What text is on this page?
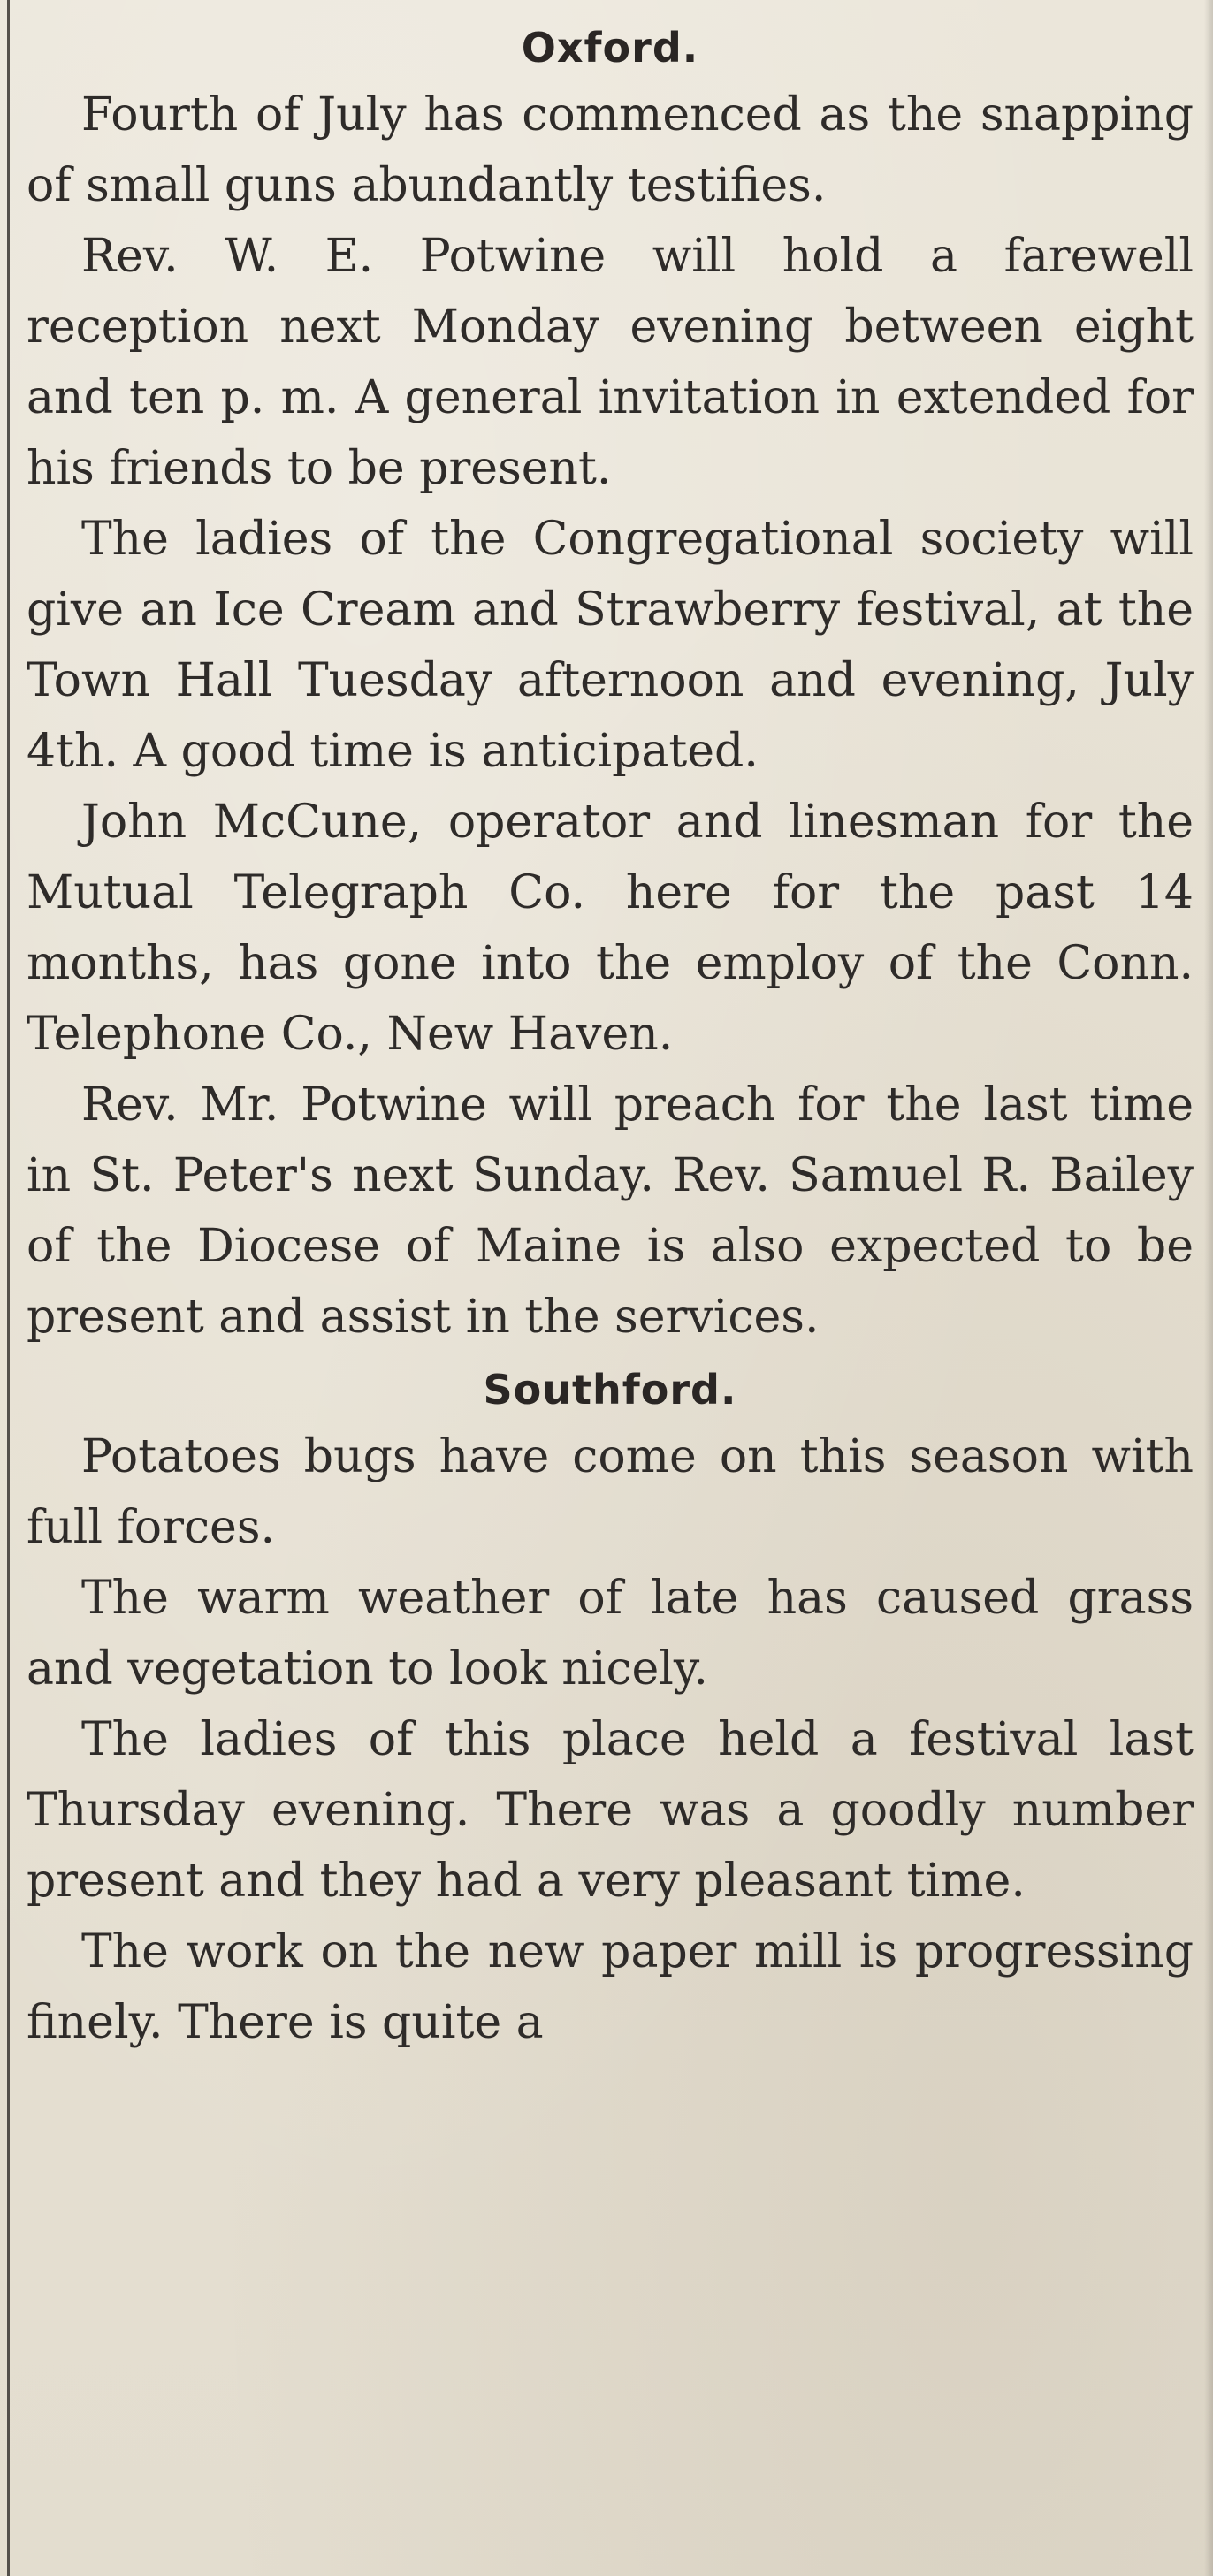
Oxford.

Fourth of July has commenced as the snapping of small guns abundantly testifies.

Rev. W. E. Potwine will hold a farewell reception next Monday evening between eight and ten p. m. A general invitation in extended for his friends to be present.

The ladies of the Congregational society will give an Ice Cream and Strawberry festival, at the Town Hall Tuesday afternoon and evening, July 4th. A good time is anticipated.

John McCune, operator and linesman for the Mutual Telegraph Co. here for the past 14 months, has gone into the employ of the Conn. Telephone Co., New Haven.

Rev. Mr. Potwine will preach for the last time in St. Peter's next Sunday. Rev. Samuel R. Bailey of the Diocese of Maine is also expected to be present and assist in the services.

Southford.

Potatoes bugs have come on this season with full forces.

The warm weather of late has caused grass and vegetation to look nicely.

The ladies of this place held a festival last Thursday evening. There was a goodly number present and they had a very pleasant time.

The work on the new paper mill is progressing finely. There is quite a
